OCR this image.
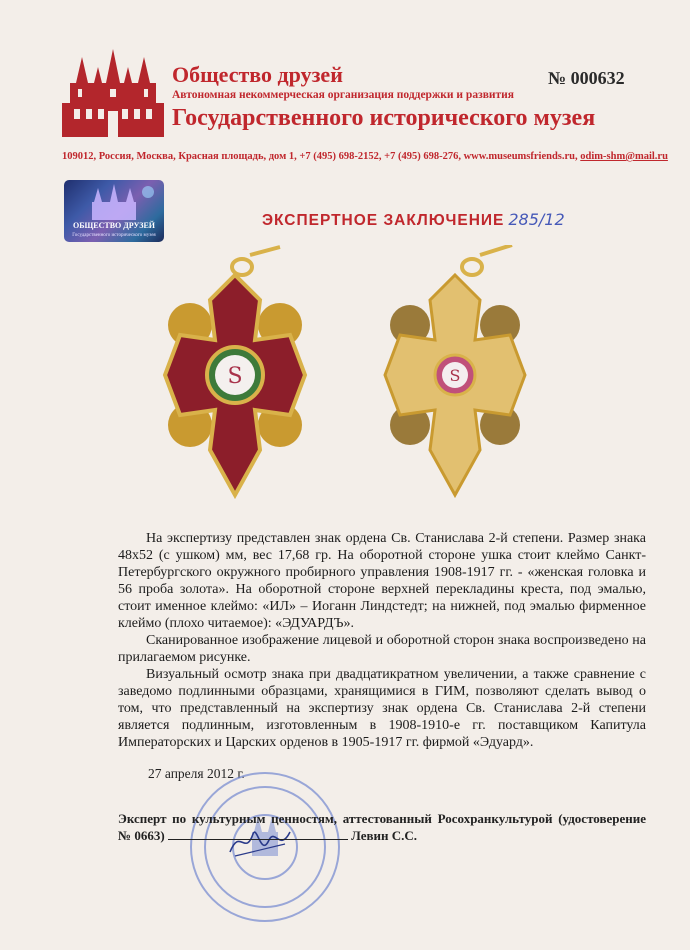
Общество друзей
Автономная некоммерческая организация поддержки и развития
Государственного исторического музея
№ 000632
109012, Россия, Москва, Красная площадь, дом 1, +7 (495) 698-2152, +7 (495) 698-276, www.museumsfriends.ru, odim-shm@mail.ru
ОБЩЕСТВО ДРУЗЕЙ
Государственного исторического музея
ЭКСПЕРТНОЕ ЗАКЛЮЧЕНИЕ 285/12
S	S

На экспертизу представлен знак ордена Св. Станислава 2-й степени. Размер знака 48х52 (с ушком) мм, вес 17,68 гр. На оборотной стороне ушка стоит клеймо Санкт-Петербургского окружного пробирного управления 1908-1917 гг. - «женская головка и 56 проба золота». На оборотной стороне верхней перекладины креста, под эмалью, стоит именное клеймо: «ИЛ» – Иоганн Линдстедт; на нижней, под эмалью фирменное клеймо (плохо читаемое): «ЭДУАРДЪ».

Сканированное изображение лицевой и оборотной сторон знака воспроизведено на прилагаемом рисунке.

Визуальный осмотр знака при двадцатикратном увеличении, а также сравнение с заведомо подлинными образцами, хранящимися в ГИМ, позволяют сделать вывод о том, что представленный на экспертизу знак ордена Св. Станислава 2-й степени является подлинным, изготовленным в 1908-1910-е гг. поставщиком Капитула Императорских и Царских орденов в 1905-1917 гг. фирмой «Эдуард».

27 апреля 2012 г.
Эксперт по культурным ценностям, аттестованный Росохранкультурой (удостоверение № 0663)	Левин С.С.
